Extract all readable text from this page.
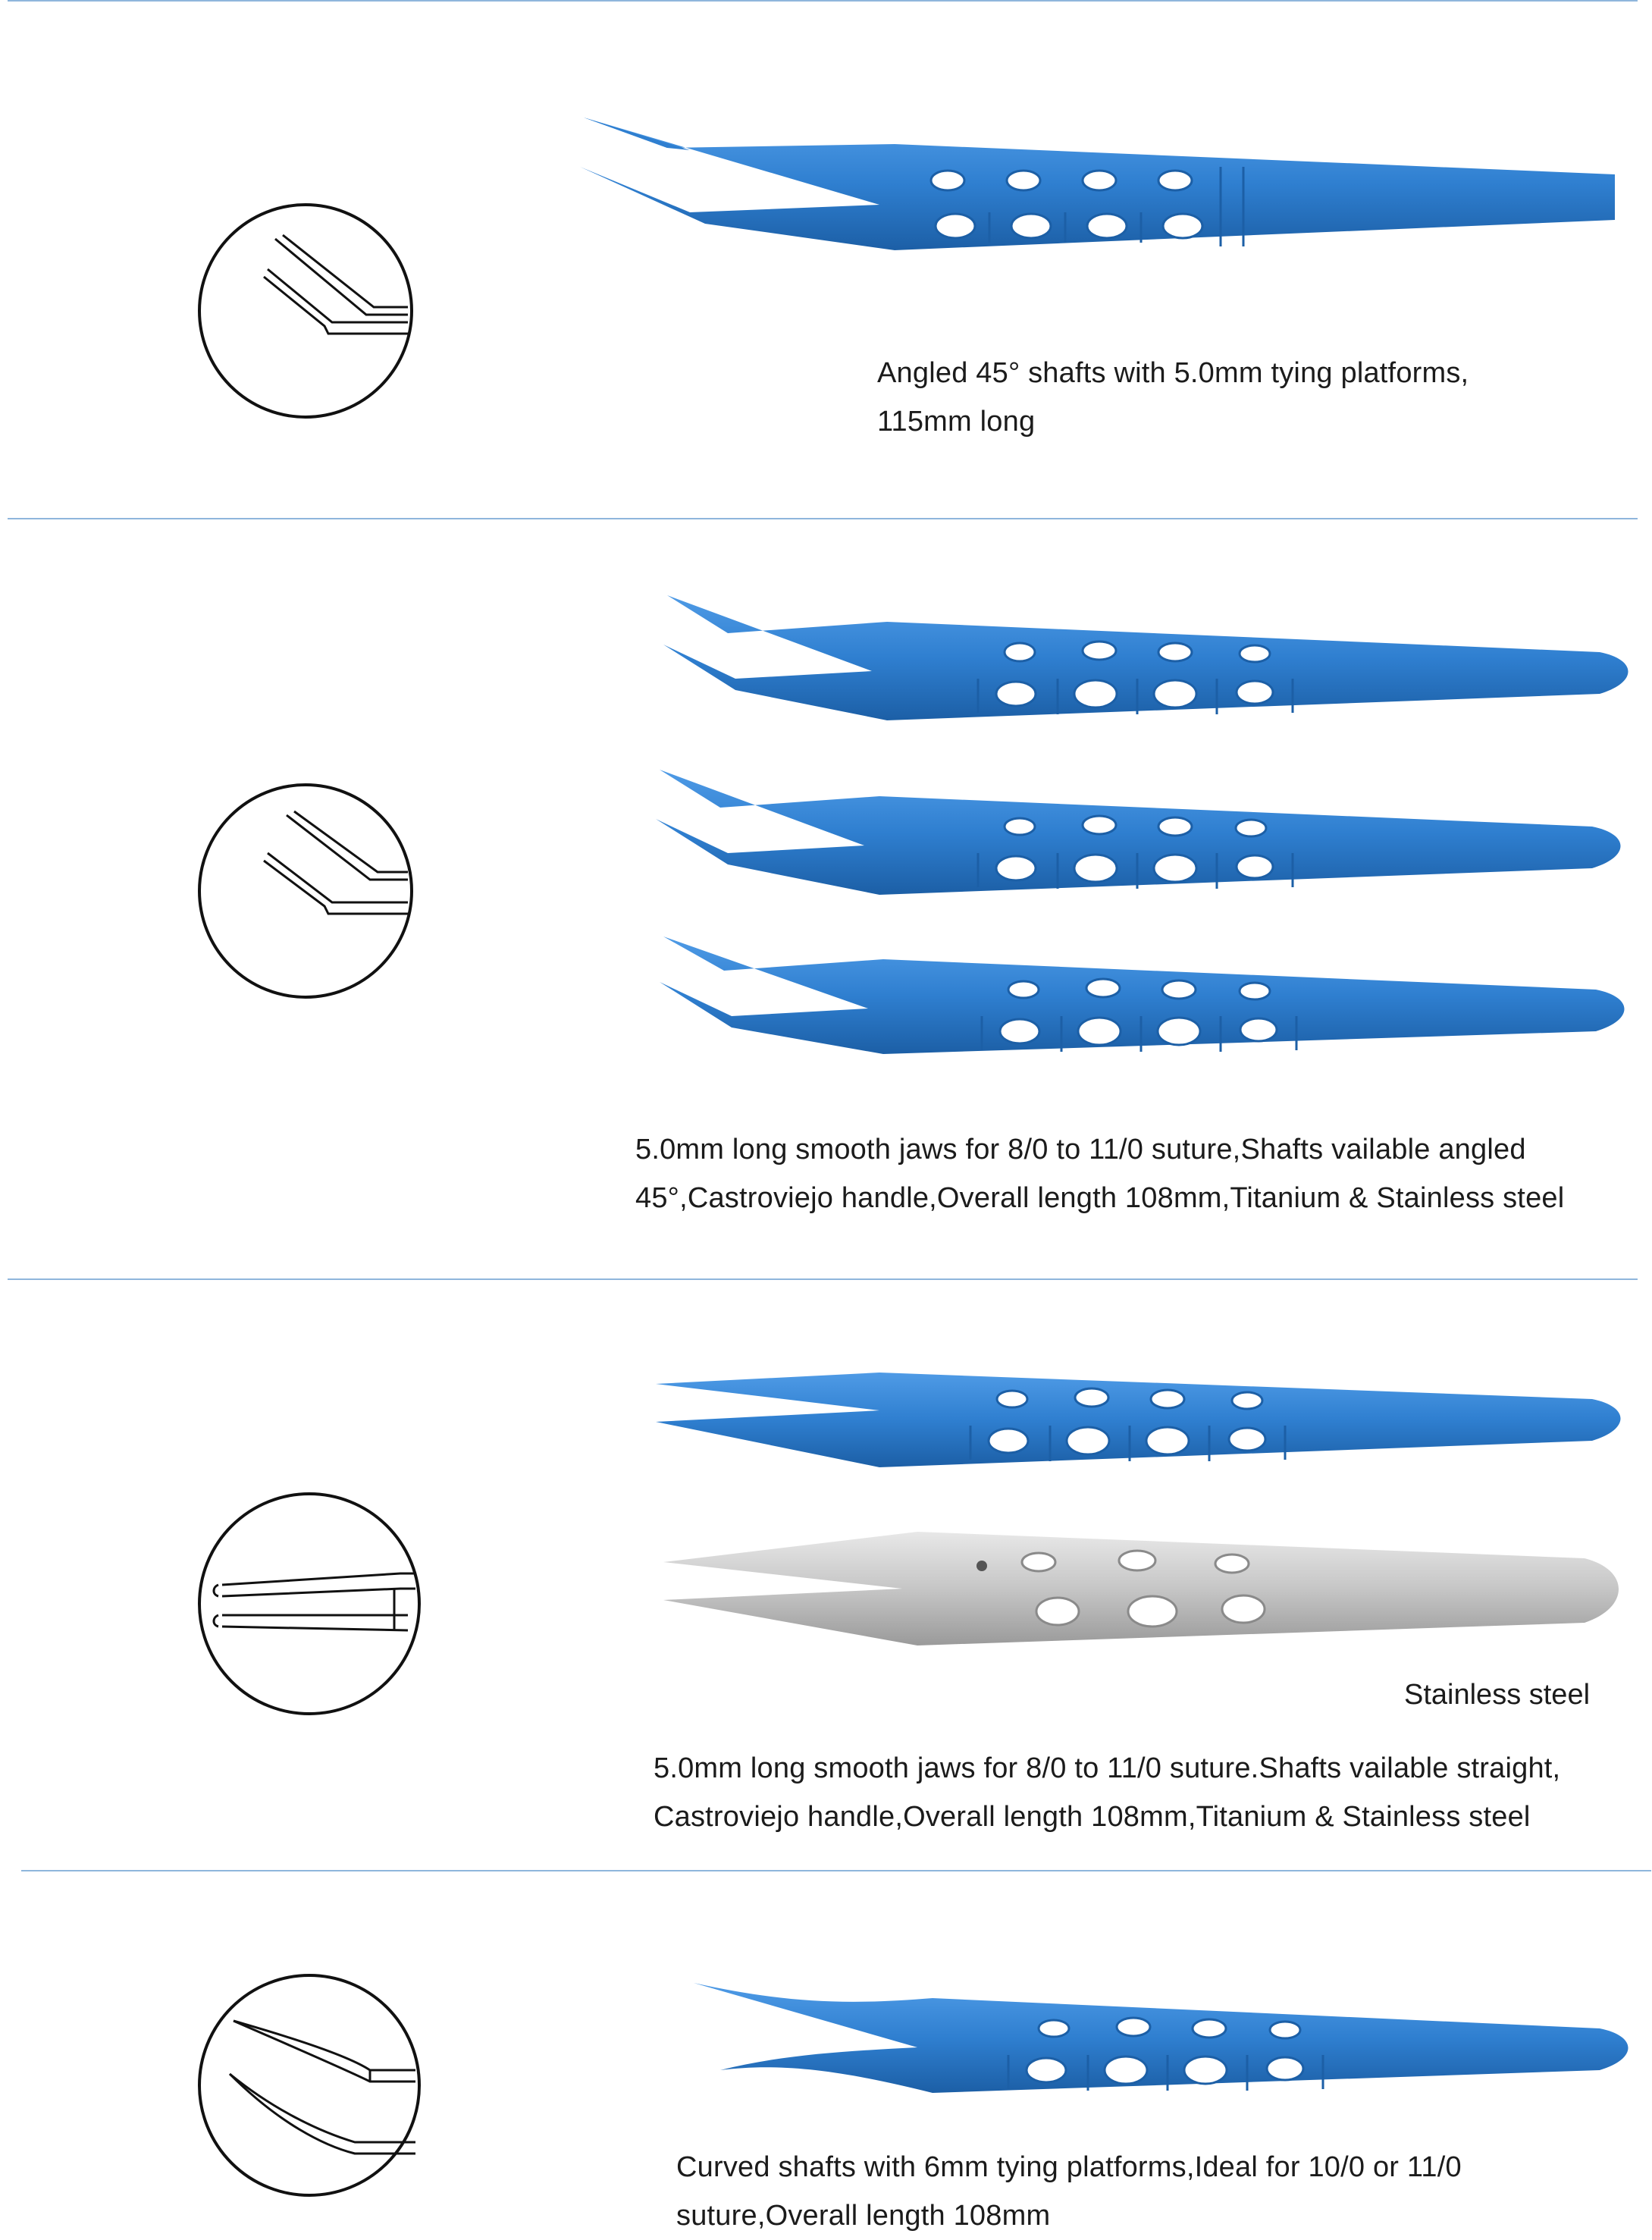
Angled 45° shafts with 5.0mm tying platforms,
115mm long
5.0mm long smooth jaws for 8/0 to 11/0 suture,Shafts vailable angled
45°,Castroviejo handle,Overall length 108mm,Titanium & Stainless steel
Stainless steel
5.0mm long smooth jaws for 8/0 to 11/0 suture.Shafts vailable straight,
Castroviejo handle,Overall length 108mm,Titanium & Stainless steel
Curved shafts with 6mm tying platforms,Ideal for 10/0 or 11/0
suture,Overall length 108mm
